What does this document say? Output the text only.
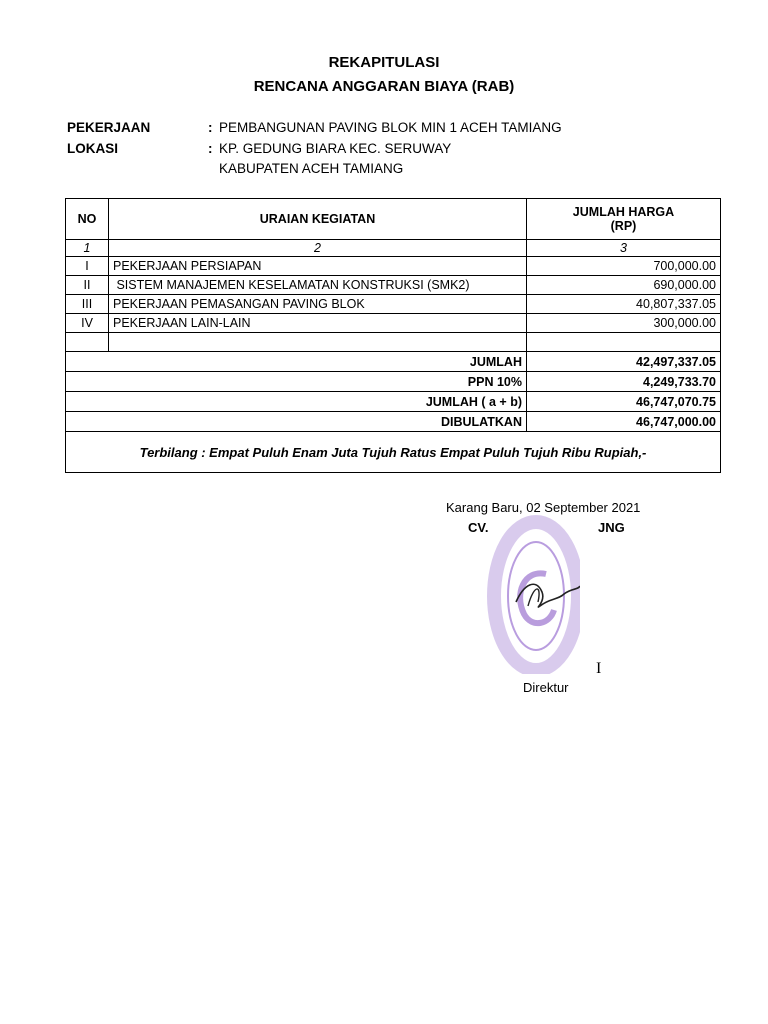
REKAPITULASI
RENCANA ANGGARAN BIAYA (RAB)
PEKERJAAN	: PEMBANGUNAN PAVING BLOK MIN 1 ACEH TAMIANG
LOKASI	: KP. GEDUNG BIARA KEC. SERUWAY
KABUPATEN ACEH TAMIANG
NO	URAIAN KEGIATAN	JUMLAH HARGA
(RP)

1	2	3
I	PEKERJAAN PERSIAPAN	700,000.00
II	SISTEM MANAJEMEN KESELAMATAN KONSTRUKSI (SMK2)	690,000.00
III	PEKERJAAN PEMASANGAN PAVING BLOK	40,807,337.05
IV	PEKERJAAN LAIN-LAIN	300,000.00

JUMLAH		42,497,337.05
PPN 10%		4,249,733.70
JUMLAH ( a + b)		46,747,070.75
DIBULATKAN		46,747,000.00
Terbilang : Empat Puluh Enam Juta Tujuh Ratus Empat Puluh Tujuh Ribu Rupiah,-		
Karang Baru, 02 September 2021
CV.	JNG
I
Direktur
